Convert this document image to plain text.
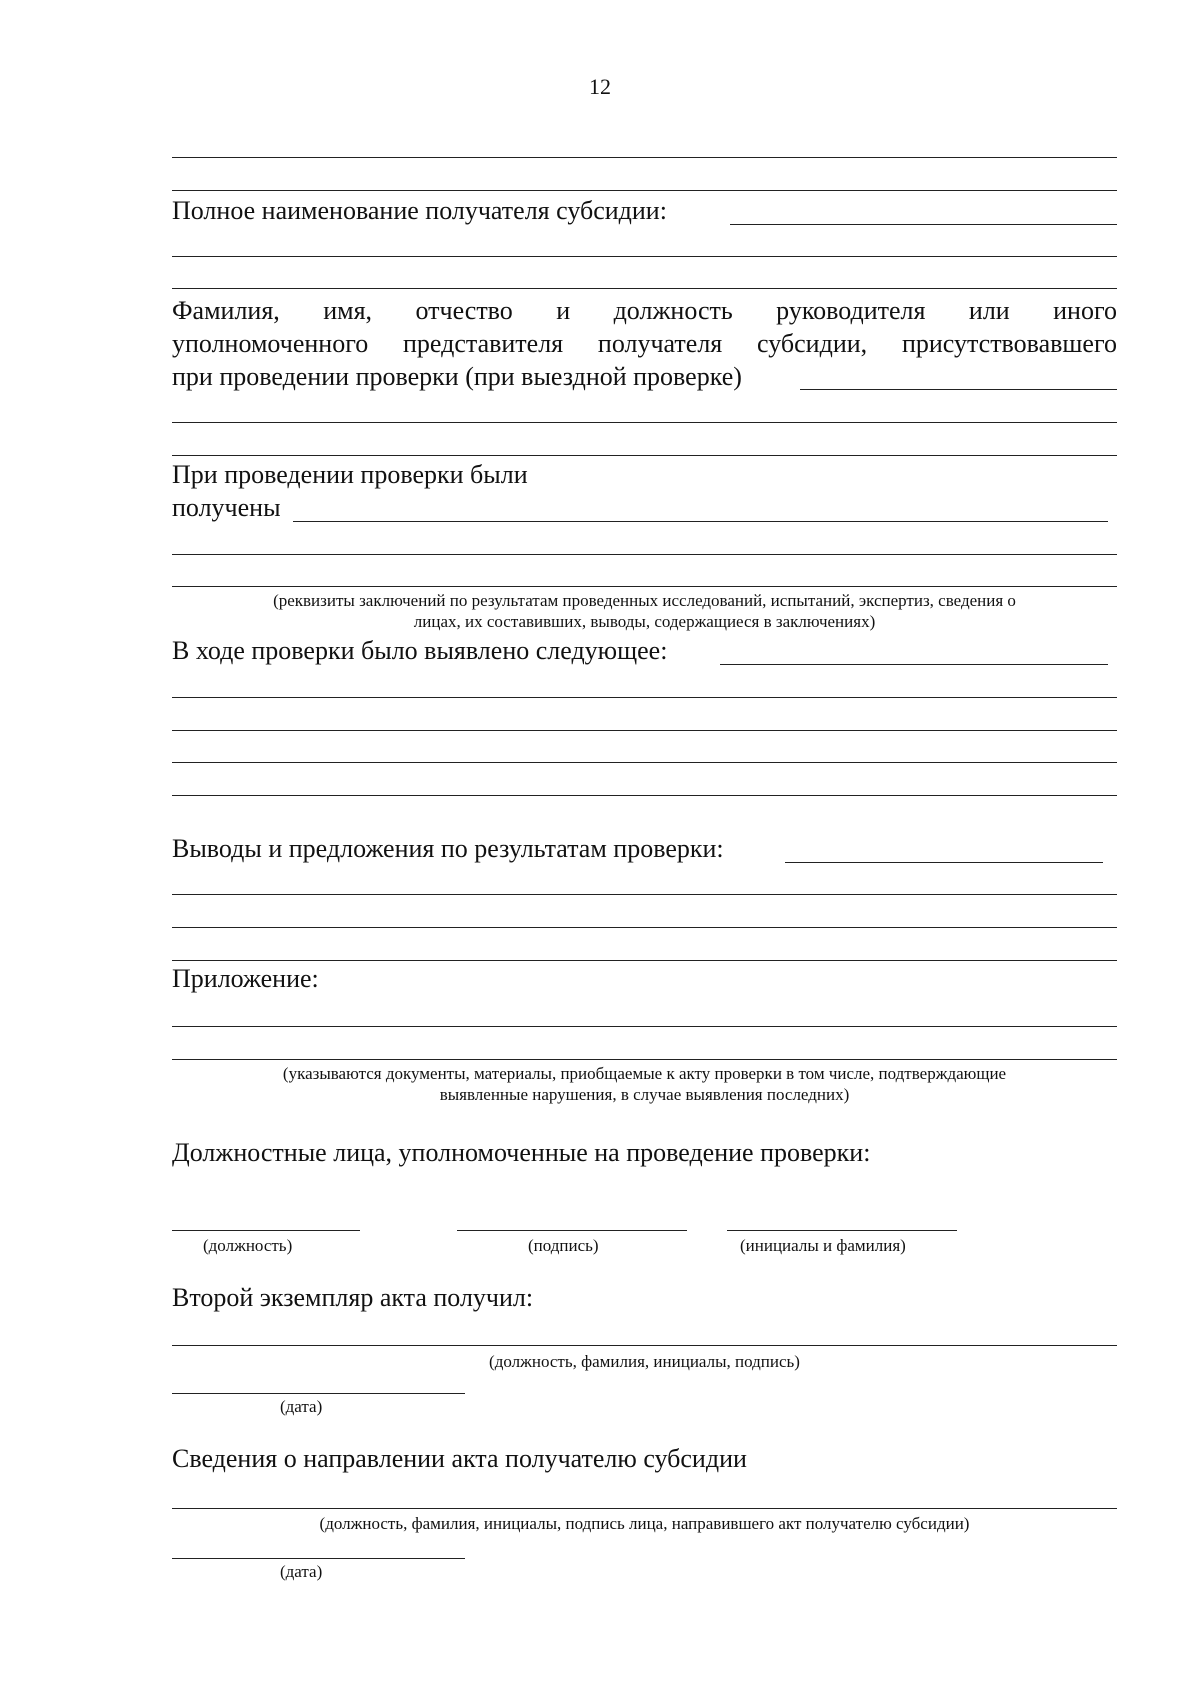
12
Полное наименование получателя субсидии:
Фамилия, имя, отчество и должность руководителя или иного
уполномоченного представителя получателя субсидии, присутствовавшего
при проведении проверки (при выездной проверке)
При проведении проверки были
получены
(реквизиты заключений по результатам проведенных исследований, испытаний, экспертиз, сведения о
лицах, их составивших, выводы, содержащиеся в заключениях)
В ходе проверки было выявлено следующее:
Выводы и предложения по результатам проверки:
Приложение:
(указываются документы, материалы, приобщаемые к акту проверки в том числе, подтверждающие
выявленные нарушения, в случае выявления последних)
Должностные лица, уполномоченные на проведение проверки:
(должность)	(подпись)	(инициалы и фамилия)
Второй экземпляр акта получил:
(должность, фамилия, инициалы, подпись)
(дата)
Сведения о направлении акта получателю субсидии
(должность, фамилия, инициалы, подпись лица, направившего акт получателю субсидии)
(дата)
